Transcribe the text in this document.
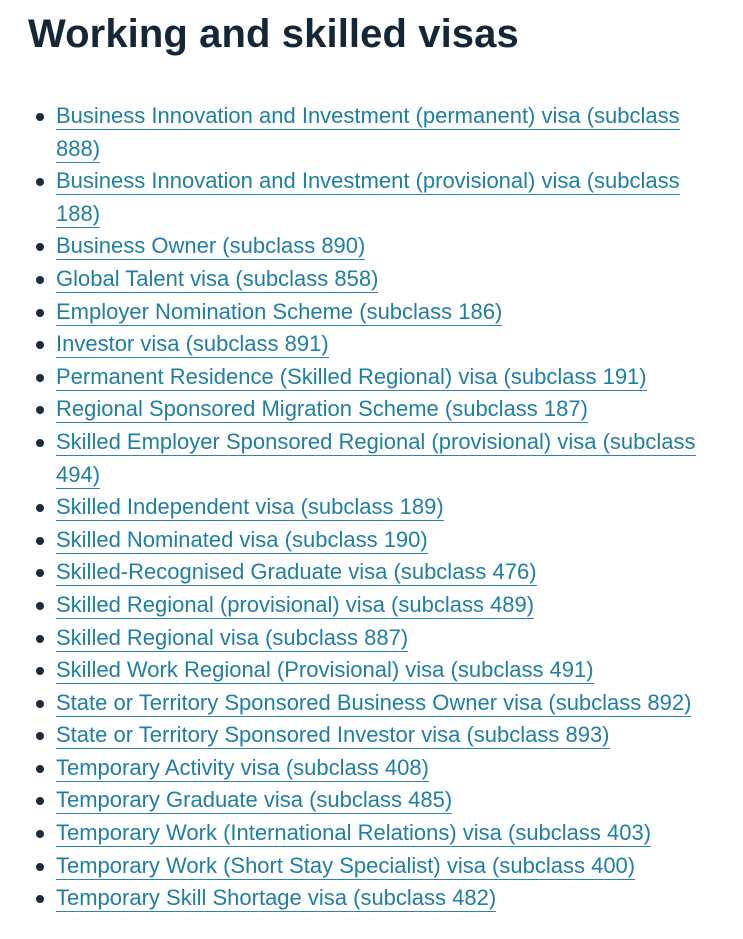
Working and skilled visas
Business Innovation and Investment (permanent) visa (subclass 888)
Business Innovation and Investment (provisional) visa (subclass 188)
Business Owner (subclass 890)
Global Talent visa (subclass 858)
Employer Nomination Scheme (subclass 186)
Investor visa (subclass 891)
Permanent Residence (Skilled Regional) visa (subclass 191)
Regional Sponsored Migration Scheme (subclass 187)
Skilled Employer Sponsored Regional (provisional) visa (subclass 494)
Skilled Independent visa (subclass 189)
Skilled Nominated visa (subclass 190)
Skilled-Recognised Graduate visa (subclass 476)
Skilled Regional (provisional) visa (subclass 489)
Skilled Regional visa (subclass 887)
Skilled Work Regional (Provisional) visa (subclass 491)
State or Territory Sponsored Business Owner visa (subclass 892)
State or Territory Sponsored Investor visa (subclass 893)
Temporary Activity visa (subclass 408)
Temporary Graduate visa (subclass 485)
Temporary Work (International Relations) visa (subclass 403)
Temporary Work (Short Stay Specialist) visa (subclass 400)
Temporary Skill Shortage visa (subclass 482)
